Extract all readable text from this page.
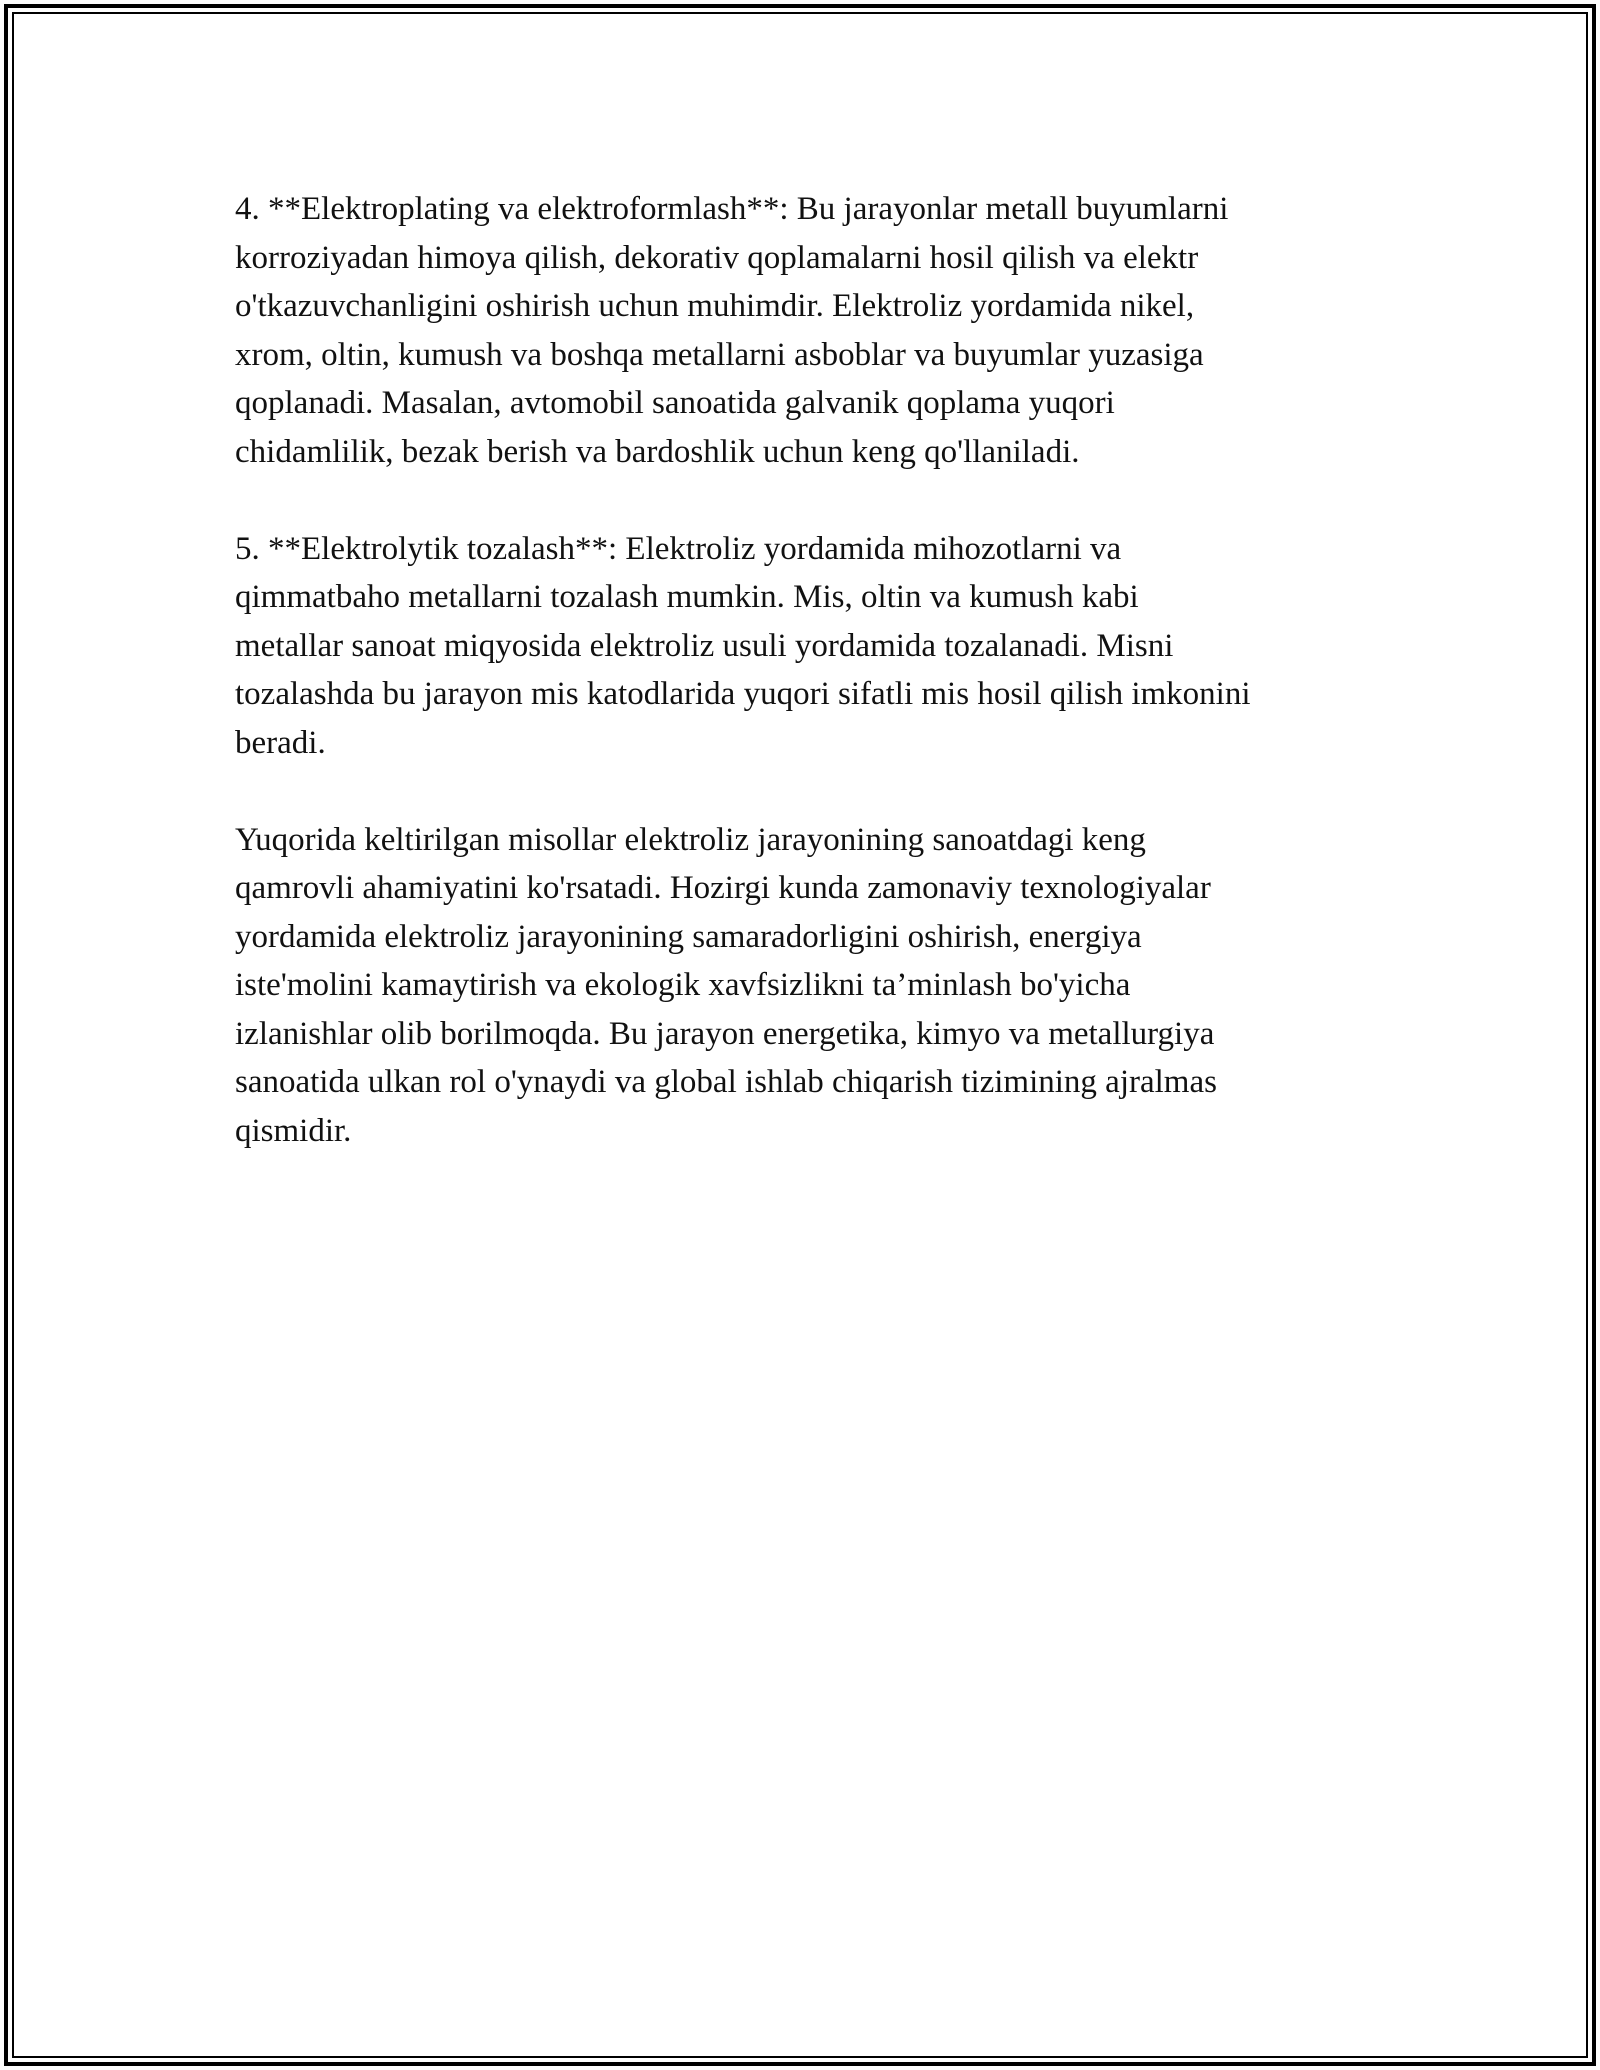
4. **Elektroplating va elektroformlash**: Bu jarayonlar metall buyumlarni
korroziyadan himoya qilish, dekorativ qoplamalarni hosil qilish va elektr
o'tkazuvchanligini oshirish uchun muhimdir. Elektroliz yordamida nikel,
xrom, oltin, kumush va boshqa metallarni asboblar va buyumlar yuzasiga
qoplanadi. Masalan, avtomobil sanoatida galvanik qoplama yuqori
chidamlilik, bezak berish va bardoshlik uchun keng qo'llaniladi.

5. **Elektrolytik tozalash**: Elektroliz yordamida mihozotlarni va
qimmatbaho metallarni tozalash mumkin. Mis, oltin va kumush kabi
metallar sanoat miqyosida elektroliz usuli yordamida tozalanadi. Misni
tozalashda bu jarayon mis katodlarida yuqori sifatli mis hosil qilish imkonini
beradi.

Yuqorida keltirilgan misollar elektroliz jarayonining sanoatdagi keng
qamrovli ahamiyatini ko'rsatadi. Hozirgi kunda zamonaviy texnologiyalar
yordamida elektroliz jarayonining samaradorligini oshirish, energiya
iste'molini kamaytirish va ekologik xavfsizlikni ta’minlash bo'yicha
izlanishlar olib borilmoqda. Bu jarayon energetika, kimyo va metallurgiya
sanoatida ulkan rol o'ynaydi va global ishlab chiqarish tizimining ajralmas
qismidir.
